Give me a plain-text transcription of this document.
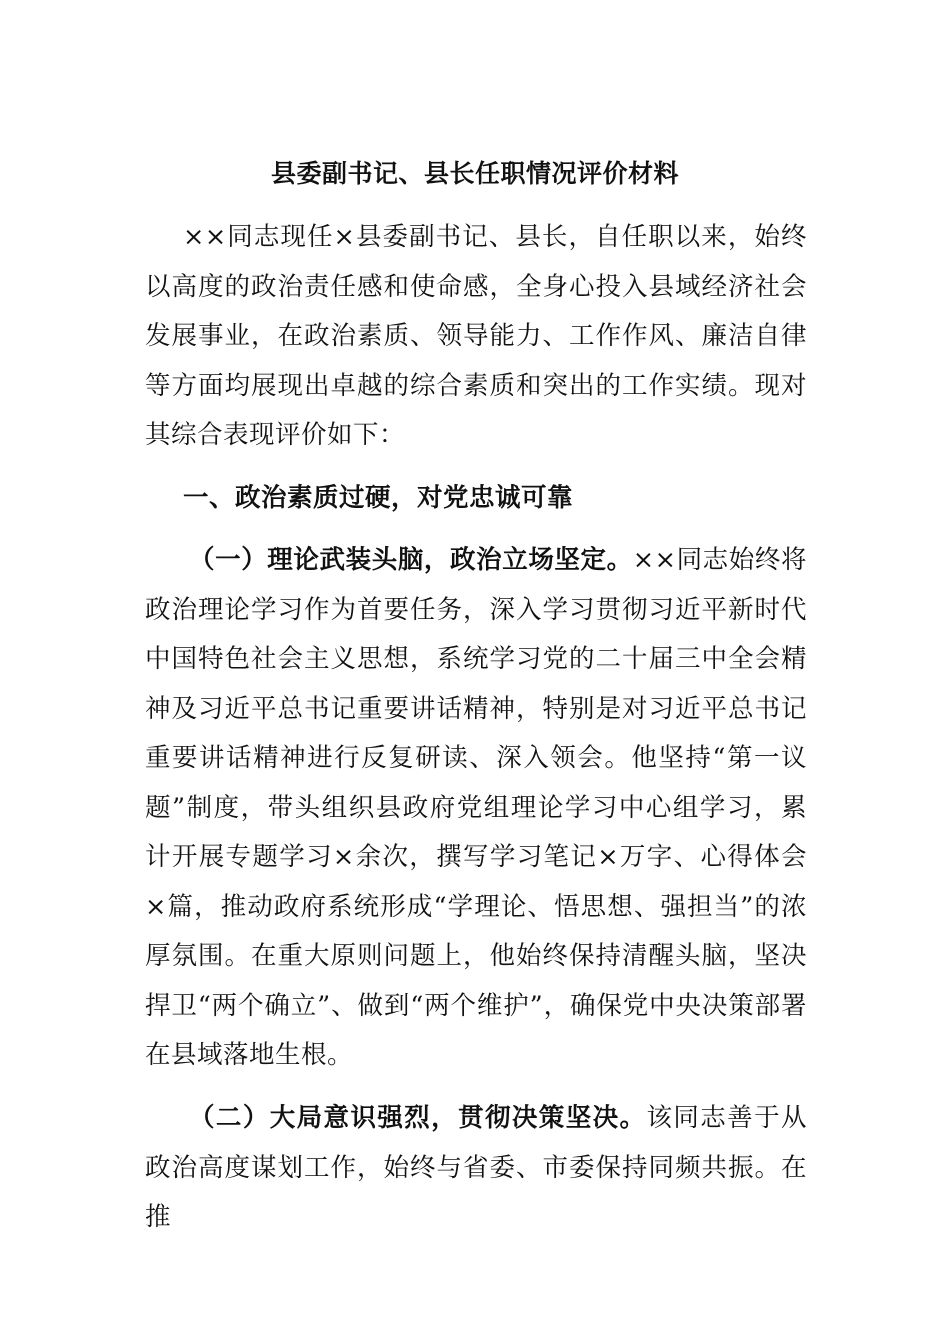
县委副书记、县长任职情况评价材料

××同志现任×县委副书记、县长，自任职以来，始终以高度的政治责任感和使命感，全身心投入县域经济社会发展事业，在政治素质、领导能力、工作作风、廉洁自律等方面均展现出卓越的综合素质和突出的工作实绩。现对其综合表现评价如下：

一、政治素质过硬，对党忠诚可靠

（一）理论武装头脑，政治立场坚定。××同志始终将政治理论学习作为首要任务，深入学习贯彻习近平新时代中国特色社会主义思想，系统学习党的二十届三中全会精神及习近平总书记重要讲话精神，特别是对习近平总书记重要讲话精神进行反复研读、深入领会。他坚持“第一议题”制度，带头组织县政府党组理论学习中心组学习，累计开展专题学习×余次，撰写学习笔记×万字、心得体会×篇，推动政府系统形成“学理论、悟思想、强担当”的浓厚氛围。在重大原则问题上，他始终保持清醒头脑，坚决捍卫“两个确立”、做到“两个维护”，确保党中央决策部署在县域落地生根。

（二）大局意识强烈，贯彻决策坚决。该同志善于从政治高度谋划工作，始终与省委、市委保持同频共振。在推
